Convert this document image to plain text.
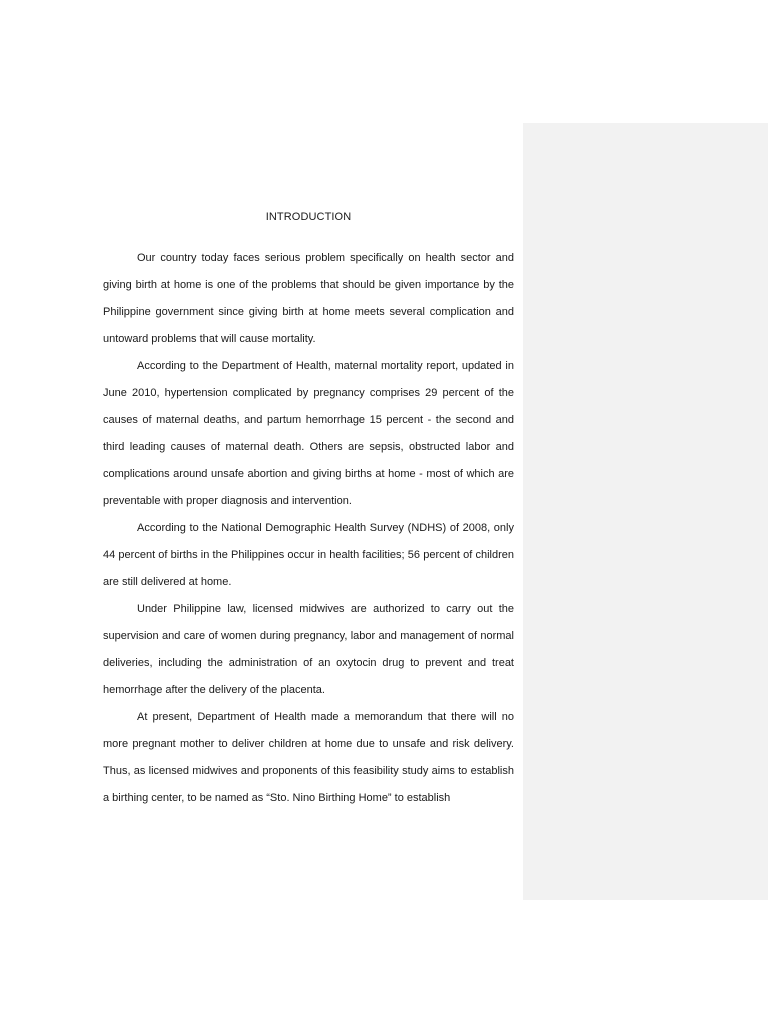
INTRODUCTION

Our country today faces serious problem specifically on health sector and giving birth at home is one of the problems that should be given importance by the Philippine government since giving birth at home meets several complication and untoward problems that will cause mortality.

According to the Department of Health, maternal mortality report, updated in June 2010, hypertension complicated by pregnancy comprises 29 percent of the causes of maternal deaths, and partum hemorrhage 15 percent - the second and third leading causes of maternal death. Others are sepsis, obstructed labor and complications around unsafe abortion and giving births at home - most of which are preventable with proper diagnosis and intervention.

According to the National Demographic Health Survey (NDHS) of 2008, only 44 percent of births in the Philippines occur in health facilities; 56 percent of children are still delivered at home.

Under Philippine law, licensed midwives are authorized to carry out the supervision and care of women during pregnancy, labor and management of normal deliveries, including the administration of an oxytocin drug to prevent and treat hemorrhage after the delivery of the placenta.

At present, Department of Health made a memorandum that there will no more pregnant mother to deliver children at home due to unsafe and risk delivery. Thus, as licensed midwives and proponents of this feasibility study aims to establish a birthing center, to be named as “Sto. Nino Birthing Home” to establish
